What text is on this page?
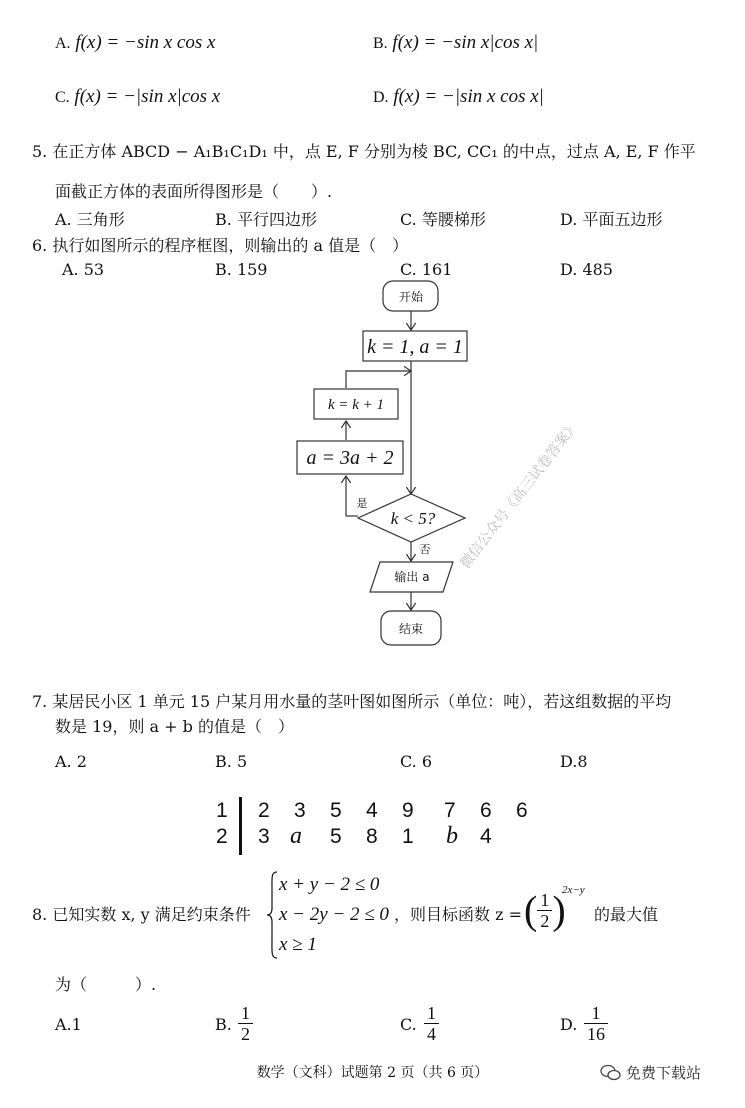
A. f(x) = −sin x cos x	B. f(x) = −sin x|cos x|
C. f(x) = −|sin x|cos x	D. f(x) = −|sin x cos x|
5. 在正方体 ABCD − A₁B₁C₁D₁ 中，点 E, F 分别为棱 BC, CC₁ 的中点，过点 A, E, F 作平
面截正方体的表面所得图形是（　　）.
A. 三角形	B. 平行四边形	C. 等腰梯形	D. 平面五边形
6. 执行如图所示的程序框图，则输出的 a 值是（　）
A. 53	B. 159	C. 161	D. 485
开始
k = 1, a = 1
k = k + 1
a = 3a + 2
k < 5?
是
否
输出 a
结束
微信公众号《高三试卷答案》
7. 某居民小区 1 单元 15 户某月用水量的茎叶图如图所示（单位：吨），若这组数据的平均
数是 19，则 a + b 的值是（　）
A. 2	B. 5	C. 6	D.8
1 2 3 5 4 9 7 6 6
2 3 a 5 8 1 b 4
8. 已知实数 x, y 满足约束条件
x + y − 2 ≤ 0
x − 2y − 2 ≤ 0
x ≥ 1
，则目标函数 z = ( $\frac{1}{2}$ )
2x−y
的最大值
为（　　　）.
A.1	B. $\frac{1}{2}$	C. $\frac{1}{4}$	D. $\frac{1}{16}$
数学（文科）试题第 2 页（共 6 页）	免费下载站
